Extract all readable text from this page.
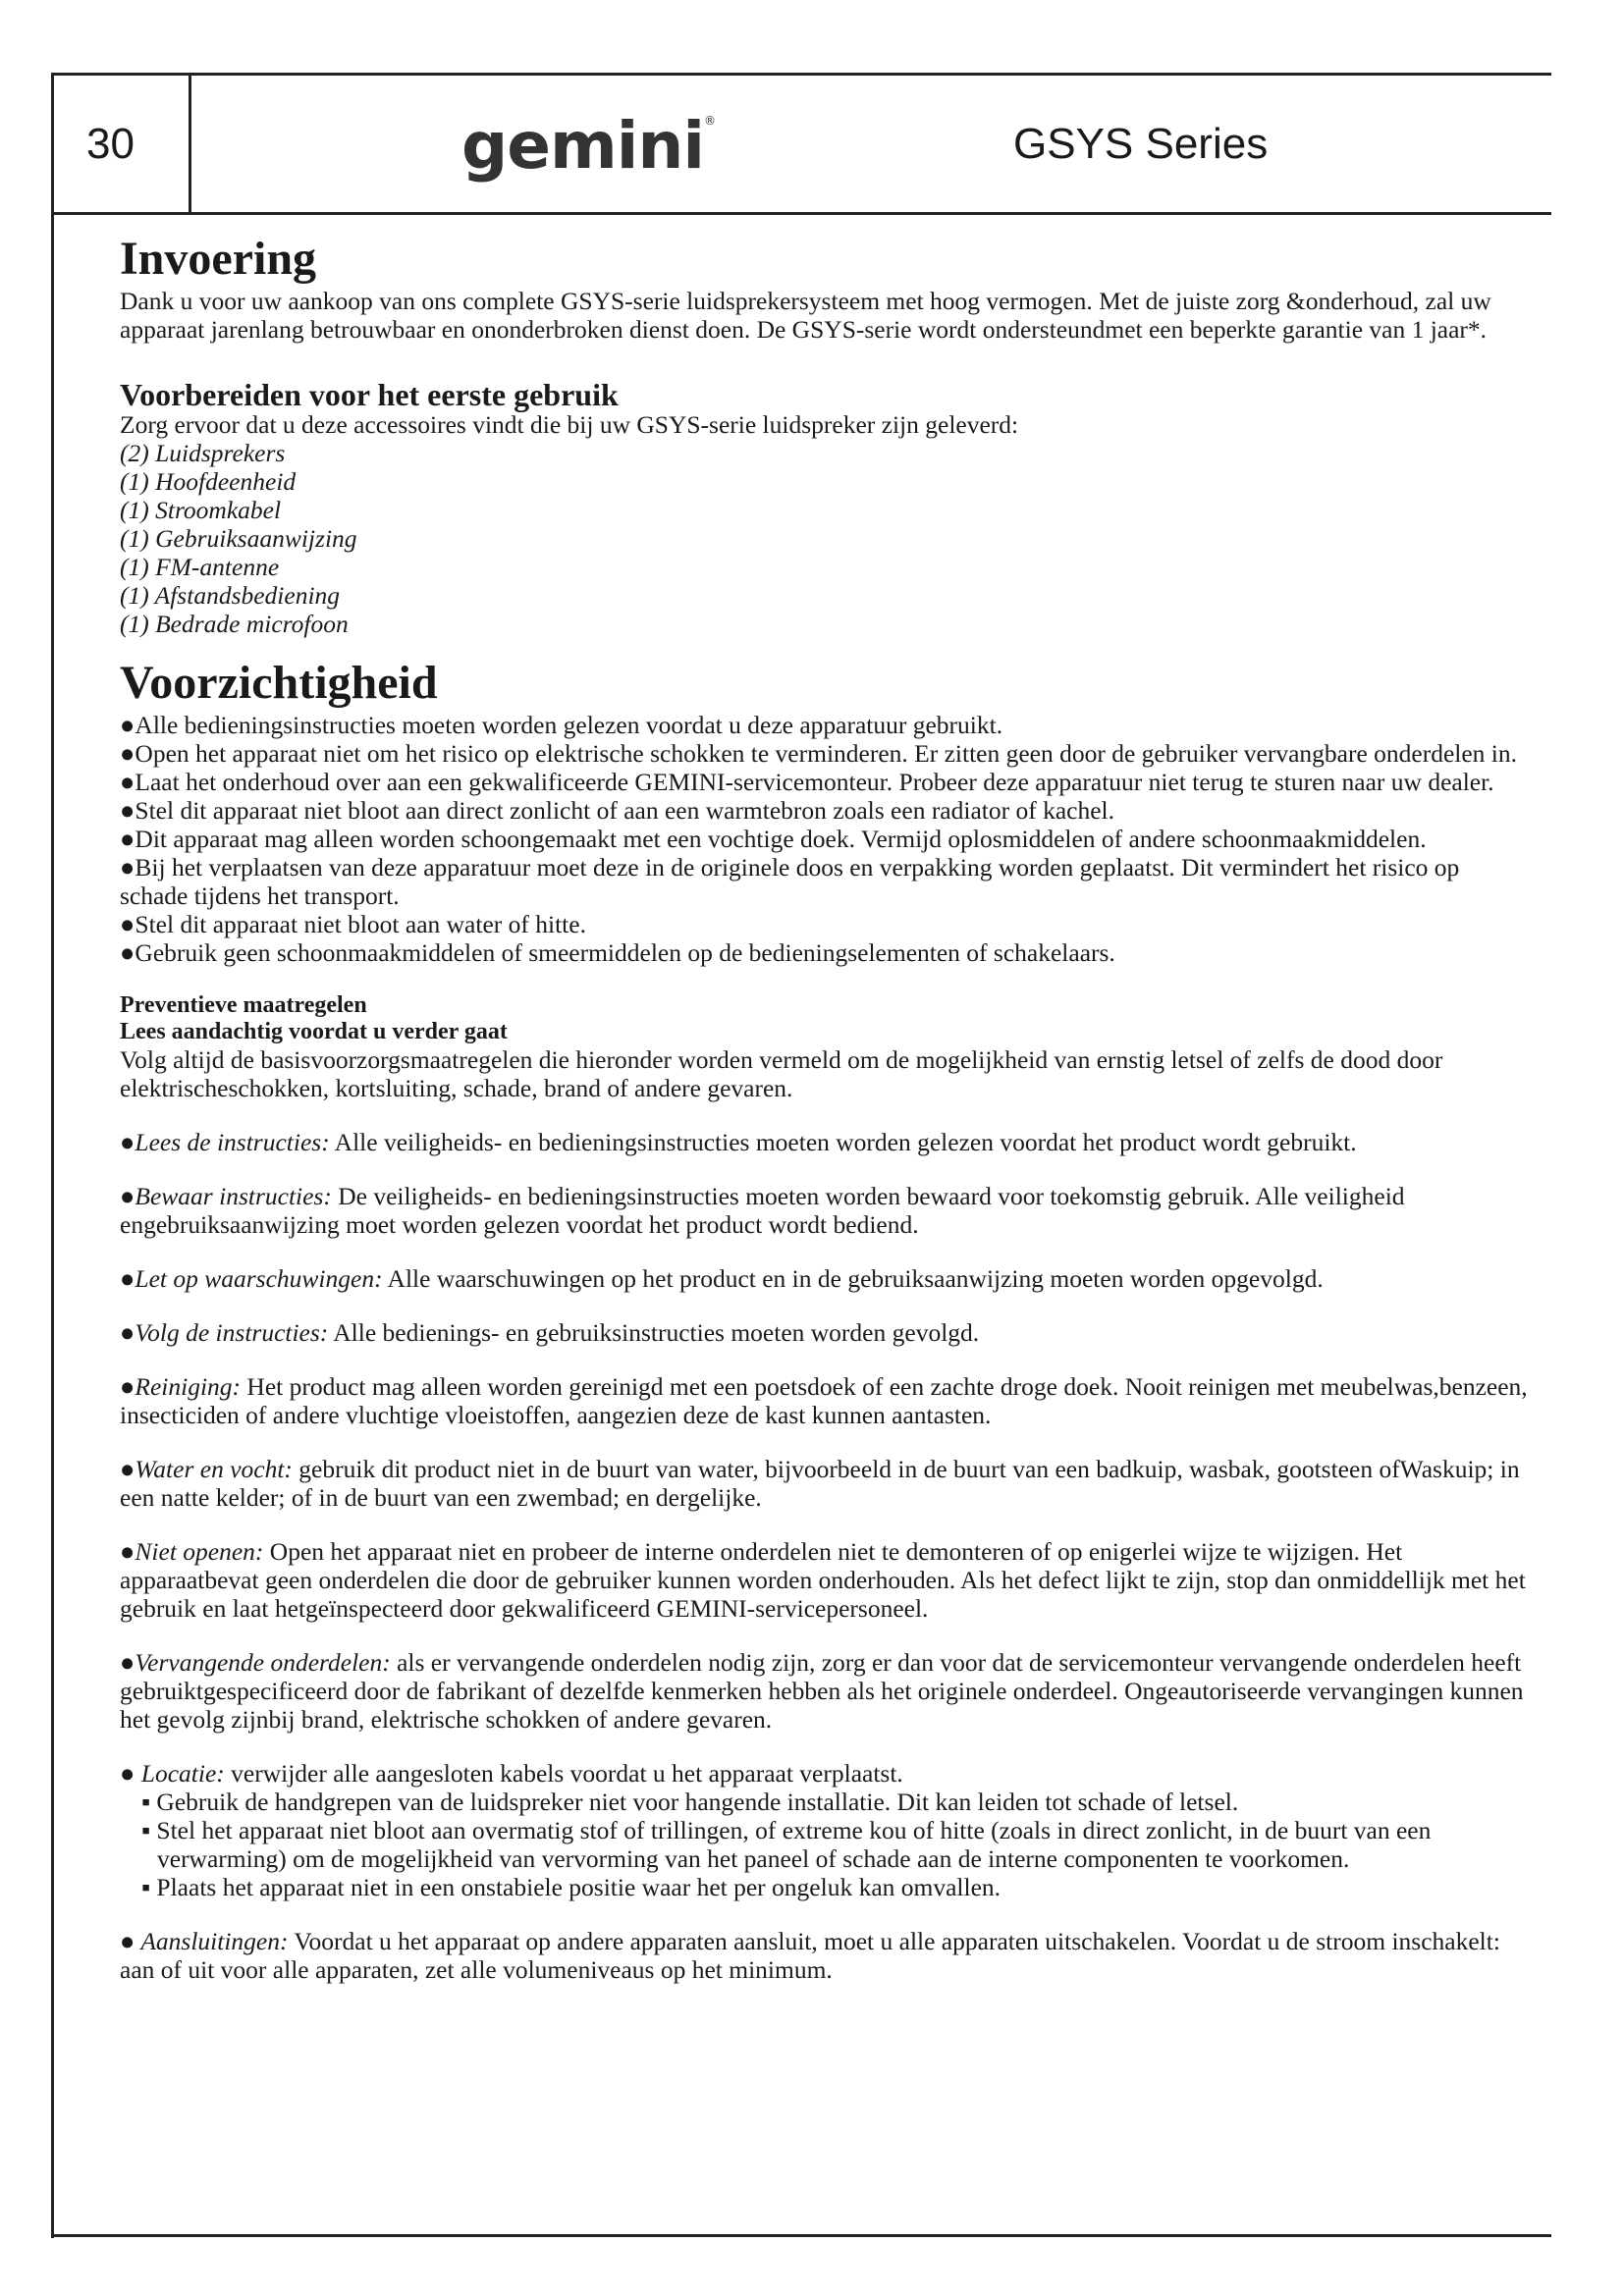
30	gemini®	GSYS Series
Invoering

Dank u voor uw aankoop van ons complete GSYS-serie luidsprekersysteem met hoog vermogen. Met de juiste zorg &onderhoud, zal uw apparaat jarenlang betrouwbaar en ononderbroken dienst doen. De GSYS-serie wordt ondersteundmet een beperkte garantie van 1 jaar*.

Voorbereiden voor het eerste gebruik

Zorg ervoor dat u deze accessoires vindt die bij uw GSYS-serie luidspreker zijn geleverd:

(2) Luidsprekers

(1) Hoofdeenheid

(1) Stroomkabel

(1) Gebruiksaanwijzing

(1) FM-antenne

(1) Afstandsbediening

(1) Bedrade microfoon

Voorzichtigheid

●Alle bedieningsinstructies moeten worden gelezen voordat u deze apparatuur gebruikt.

●Open het apparaat niet om het risico op elektrische schokken te verminderen. Er zitten geen door de gebruiker vervangbare onderdelen in.

●Laat het onderhoud over aan een gekwalificeerde GEMINI-servicemonteur. Probeer deze apparatuur niet terug te sturen naar uw dealer.

●Stel dit apparaat niet bloot aan direct zonlicht of aan een warmtebron zoals een radiator of kachel.

●Dit apparaat mag alleen worden schoongemaakt met een vochtige doek. Vermijd oplosmiddelen of andere schoonmaakmiddelen.

●Bij het verplaatsen van deze apparatuur moet deze in de originele doos en verpakking worden geplaatst. Dit vermindert het risico op schade tijdens het transport.

●Stel dit apparaat niet bloot aan water of hitte.

●Gebruik geen schoonmaakmiddelen of smeermiddelen op de bedieningselementen of schakelaars.

Preventieve maatregelen
Lees aandachtig voordat u verder gaat

Volg altijd de basisvoorzorgsmaatregelen die hieronder worden vermeld om de mogelijkheid van ernstig letsel of zelfs de dood door elektrischeschokken, kortsluiting, schade, brand of andere gevaren.

●Lees de instructies: Alle veiligheids- en bedieningsinstructies moeten worden gelezen voordat het product wordt gebruikt.

●Bewaar instructies: De veiligheids- en bedieningsinstructies moeten worden bewaard voor toekomstig gebruik. Alle veiligheid engebruiksaanwijzing moet worden gelezen voordat het product wordt bediend.

●Let op waarschuwingen: Alle waarschuwingen op het product en in de gebruiksaanwijzing moeten worden opgevolgd.

●Volg de instructies: Alle bedienings- en gebruiksinstructies moeten worden gevolgd.

●Reiniging: Het product mag alleen worden gereinigd met een poetsdoek of een zachte droge doek. Nooit reinigen met meubelwas,benzeen, insecticiden of andere vluchtige vloeistoffen, aangezien deze de kast kunnen aantasten.

●Water en vocht: gebruik dit product niet in de buurt van water, bijvoorbeeld in de buurt van een badkuip, wasbak, gootsteen ofWaskuip; in een natte kelder; of in de buurt van een zwembad; en dergelijke.

●Niet openen: Open het apparaat niet en probeer de interne onderdelen niet te demonteren of op enigerlei wijze te wijzigen. Het apparaatbevat geen onderdelen die door de gebruiker kunnen worden onderhouden. Als het defect lijkt te zijn, stop dan onmiddellijk met het gebruik en laat hetgeïnspecteerd door gekwalificeerd GEMINI-servicepersoneel.

●Vervangende onderdelen: als er vervangende onderdelen nodig zijn, zorg er dan voor dat de servicemonteur vervangende onderdelen heeft gebruiktgespecificeerd door de fabrikant of dezelfde kenmerken hebben als het originele onderdeel. Ongeautoriseerde vervangingen kunnen het gevolg zijnbij brand, elektrische schokken of andere gevaren.

● Locatie: verwijder alle aangesloten kabels voordat u het apparaat verplaatst.

▪ Gebruik de handgrepen van de luidspreker niet voor hangende installatie. Dit kan leiden tot schade of letsel.

▪ Stel het apparaat niet bloot aan overmatig stof of trillingen, of extreme kou of hitte (zoals in direct zonlicht, in de buurt van een verwarming) om de mogelijkheid van vervorming van het paneel of schade aan de interne componenten te voorkomen.

▪ Plaats het apparaat niet in een onstabiele positie waar het per ongeluk kan omvallen.

● Aansluitingen: Voordat u het apparaat op andere apparaten aansluit, moet u alle apparaten uitschakelen. Voordat u de stroom inschakelt: aan of uit voor alle apparaten, zet alle volumeniveaus op het minimum.
